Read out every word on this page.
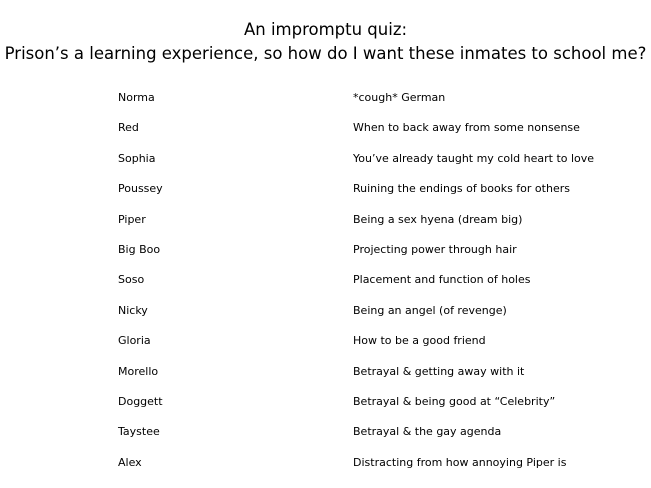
An impromptu quiz:
Prison’s a learning experience, so how do I want these inmates to school me?
Norma	*cough* German
Red	When to back away from some nonsense
Sophia	You’ve already taught my cold heart to love
Poussey	Ruining the endings of books for others
Piper	Being a sex hyena (dream big)
Big Boo	Projecting power through hair
Soso	Placement and function of holes
Nicky	Being an angel (of revenge)
Gloria	How to be a good friend
Morello	Betrayal & getting away with it
Doggett	Betrayal & being good at “Celebrity”
Taystee	Betrayal & the gay agenda
Alex	Distracting from how annoying Piper is
